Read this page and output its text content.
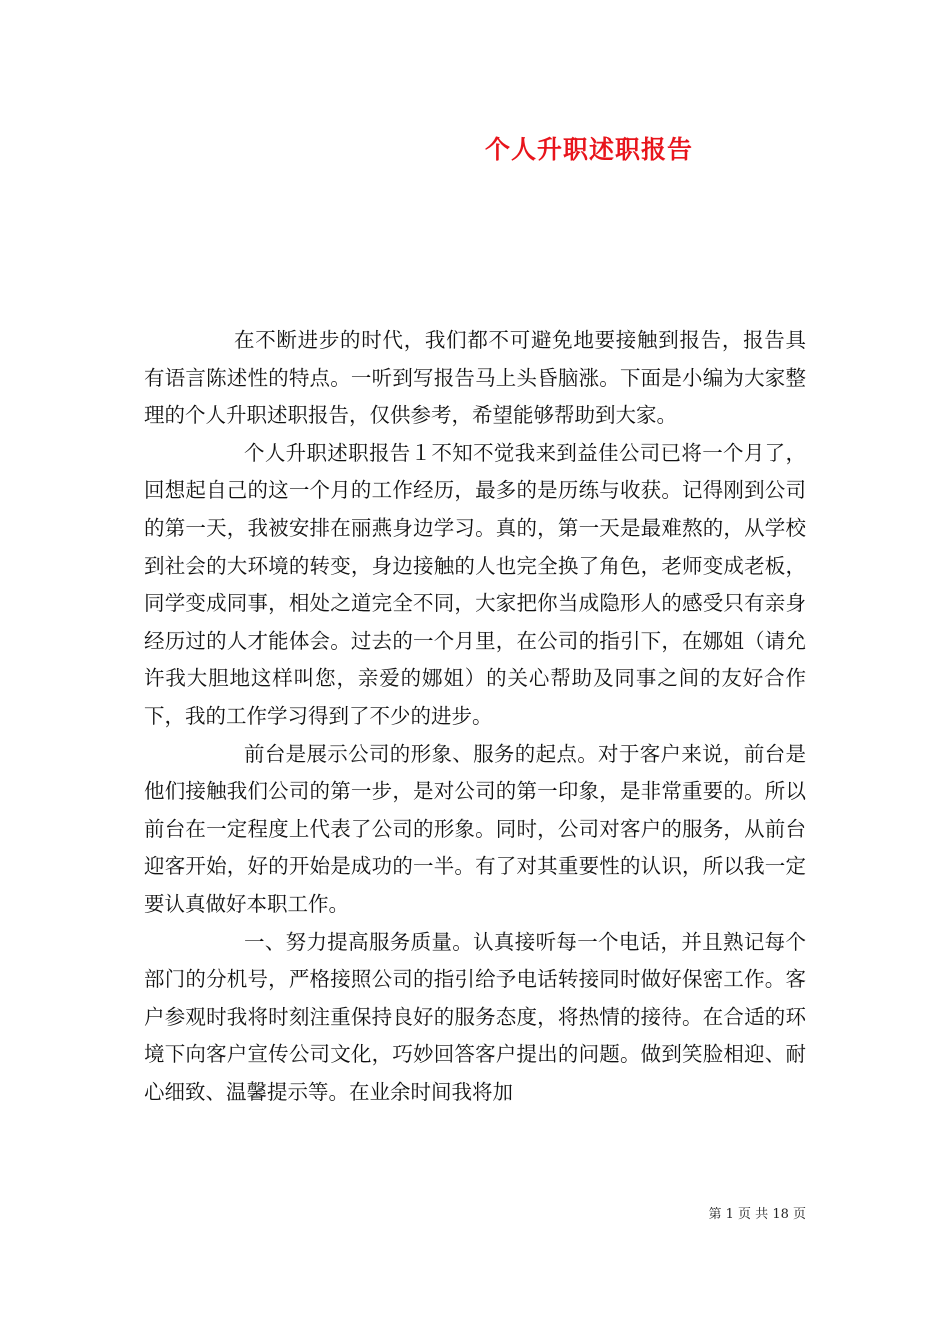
个人升职述职报告

在不断进步的时代，我们都不可避免地要接触到报告，报告具有语言陈述性的特点。一听到写报告马上头昏脑涨。下面是小编为大家整理的个人升职述职报告，仅供参考，希望能够帮助到大家。

个人升职述职报告１不知不觉我来到益佳公司已将一个月了，回想起自己的这一个月的工作经历，最多的是历练与收获。记得刚到公司的第一天，我被安排在丽燕身边学习。真的，第一天是最难熬的，从学校到社会的大环境的转变，身边接触的人也完全换了角色，老师变成老板，同学变成同事，相处之道完全不同，大家把你当成隐形人的感受只有亲身经历过的人才能体会。过去的一个月里，在公司的指引下，在娜姐（请允许我大胆地这样叫您，亲爱的娜姐）的关心帮助及同事之间的友好合作下，我的工作学习得到了不少的进步。

前台是展示公司的形象、服务的起点。对于客户来说，前台是他们接触我们公司的第一步，是对公司的第一印象，是非常重要的。所以前台在一定程度上代表了公司的形象。同时，公司对客户的服务，从前台迎客开始，好的开始是成功的一半。有了对其重要性的认识，所以我一定要认真做好本职工作。

一、努力提高服务质量。认真接听每一个电话，并且熟记每个部门的分机号，严格接照公司的指引给予电话转接同时做好保密工作。客户参观时我将时刻注重保持良好的服务态度，将热情的接待。在合适的环境下向客户宣传公司文化，巧妙回答客户提出的问题。做到笑脸相迎、耐心细致、温馨提示等。在业余时间我将加

第 1 页 共 18 页
